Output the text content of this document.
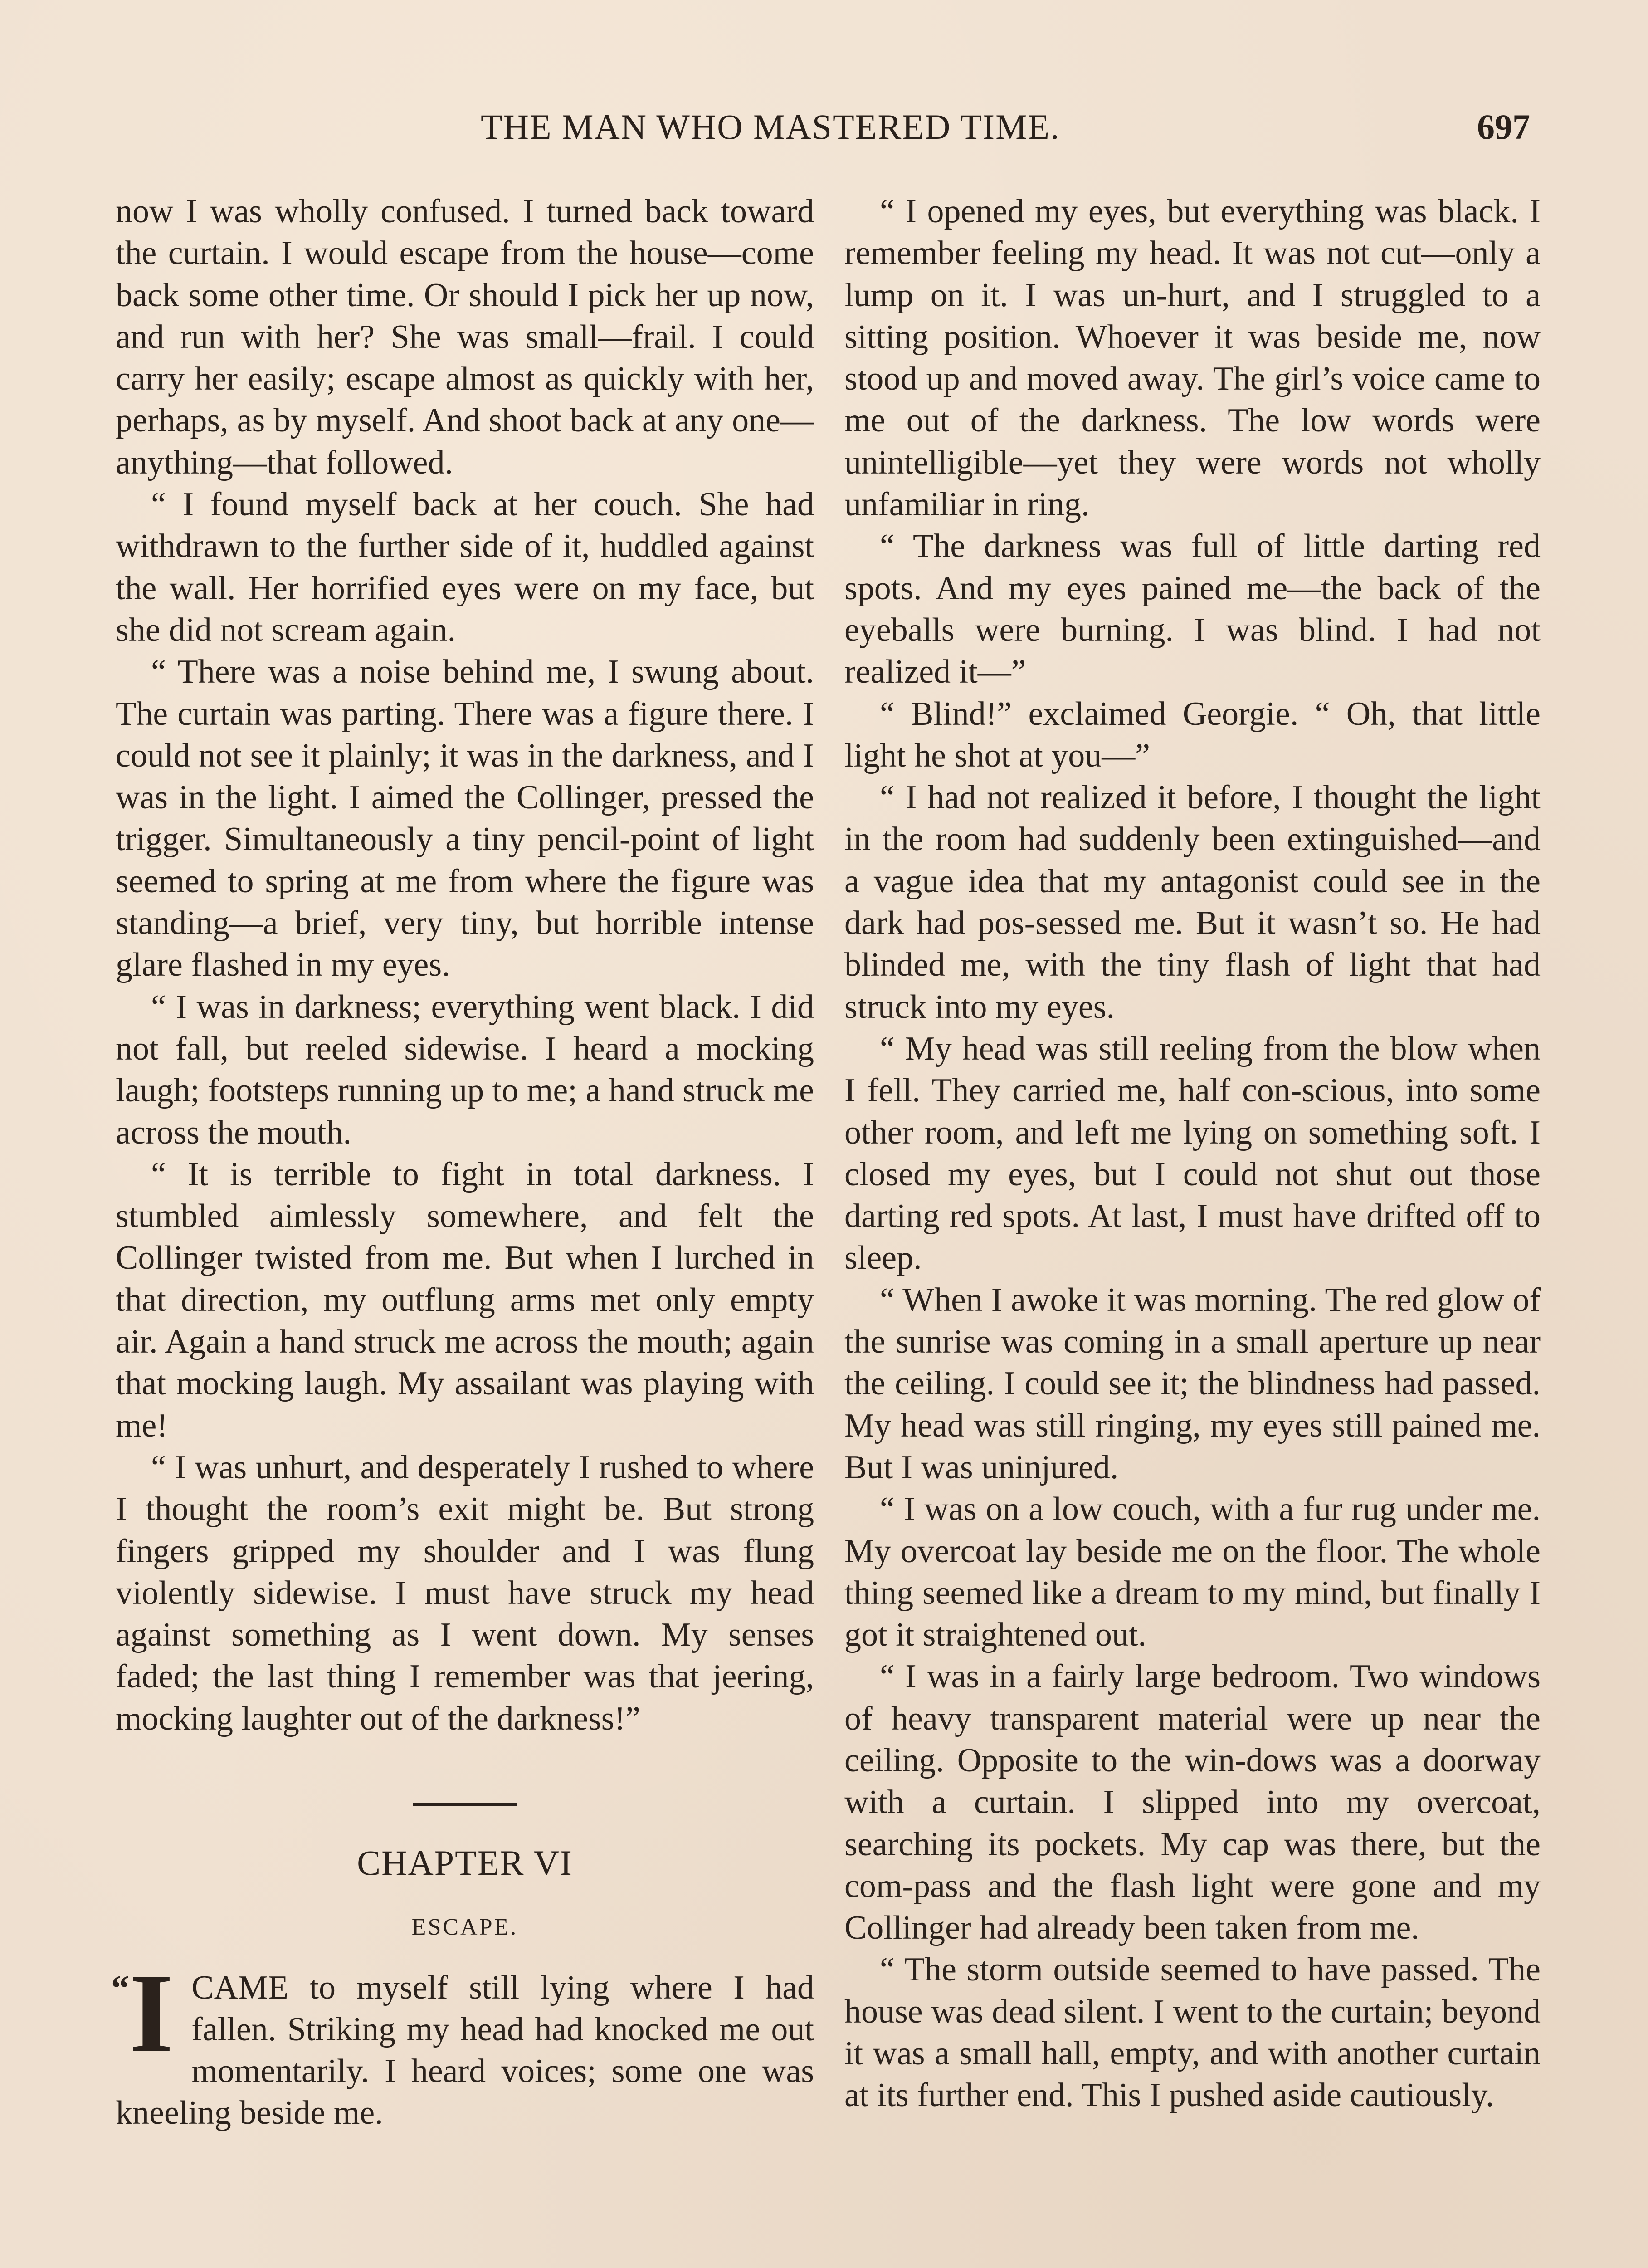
THE MAN WHO MASTERED TIME.	697

now I was wholly confused. I turned back toward the curtain. I would escape from the house—come back some other time. Or should I pick her up now, and run with her? She was small—frail. I could carry her easily; escape almost as quickly with her, perhaps, as by myself. And shoot back at any one—anything—that followed.

“ I found myself back at her couch. She had withdrawn to the further side of it, huddled against the wall. Her horrified eyes were on my face, but she did not scream again.

“ There was a noise behind me, I swung about. The curtain was parting. There was a figure there. I could not see it plainly; it was in the darkness, and I was in the light. I aimed the Collinger, pressed the trigger. Simultaneously a tiny pencil-point of light seemed to spring at me from where the figure was standing—a brief, very tiny, but horrible intense glare flashed in my eyes.

“ I was in darkness; everything went black. I did not fall, but reeled sidewise. I heard a mocking laugh; footsteps running up to me; a hand struck me across the mouth.

“ It is terrible to fight in total darkness. I stumbled aimlessly somewhere, and felt the Collinger twisted from me. But when I lurched in that direction, my outflung arms met only empty air. Again a hand struck me across the mouth; again that mocking laugh. My assailant was playing with me!

“ I was unhurt, and desperately I rushed to where I thought the room’s exit might be. But strong fingers gripped my shoulder and I was flung violently sidewise. I must have struck my head against something as I went down. My senses faded; the last thing I remember was that jeering, mocking laughter out of the darkness!”

CHAPTER VI
ESCAPE.

“I CAME to myself still lying where I had fallen. Striking my head had knocked me out momentarily. I heard voices; some one was kneeling beside me.

“ I opened my eyes, but everything was black. I remember feeling my head. It was not cut—only a lump on it. I was un-hurt, and I struggled to a sitting position. Whoever it was beside me, now stood up and moved away. The girl’s voice came to me out of the darkness. The low words were unintelligible—yet they were words not wholly unfamiliar in ring.

“ The darkness was full of little darting red spots. And my eyes pained me—the back of the eyeballs were burning. I was blind. I had not realized it—”

“ Blind!” exclaimed Georgie. “ Oh, that little light he shot at you—”

“ I had not realized it before, I thought the light in the room had suddenly been extinguished—and a vague idea that my antagonist could see in the dark had pos-sessed me. But it wasn’t so. He had blinded me, with the tiny flash of light that had struck into my eyes.

“ My head was still reeling from the blow when I fell. They carried me, half con-scious, into some other room, and left me lying on something soft. I closed my eyes, but I could not shut out those darting red spots. At last, I must have drifted off to sleep.

“ When I awoke it was morning. The red glow of the sunrise was coming in a small aperture up near the ceiling. I could see it; the blindness had passed. My head was still ringing, my eyes still pained me. But I was uninjured.

“ I was on a low couch, with a fur rug under me. My overcoat lay beside me on the floor. The whole thing seemed like a dream to my mind, but finally I got it straightened out.

“ I was in a fairly large bedroom. Two windows of heavy transparent material were up near the ceiling. Opposite to the win-dows was a doorway with a curtain. I slipped into my overcoat, searching its pockets. My cap was there, but the com-pass and the flash light were gone and my Collinger had already been taken from me.

“ The storm outside seemed to have passed. The house was dead silent. I went to the curtain; beyond it was a small hall, empty, and with another curtain at its further end. This I pushed aside cautiously.
